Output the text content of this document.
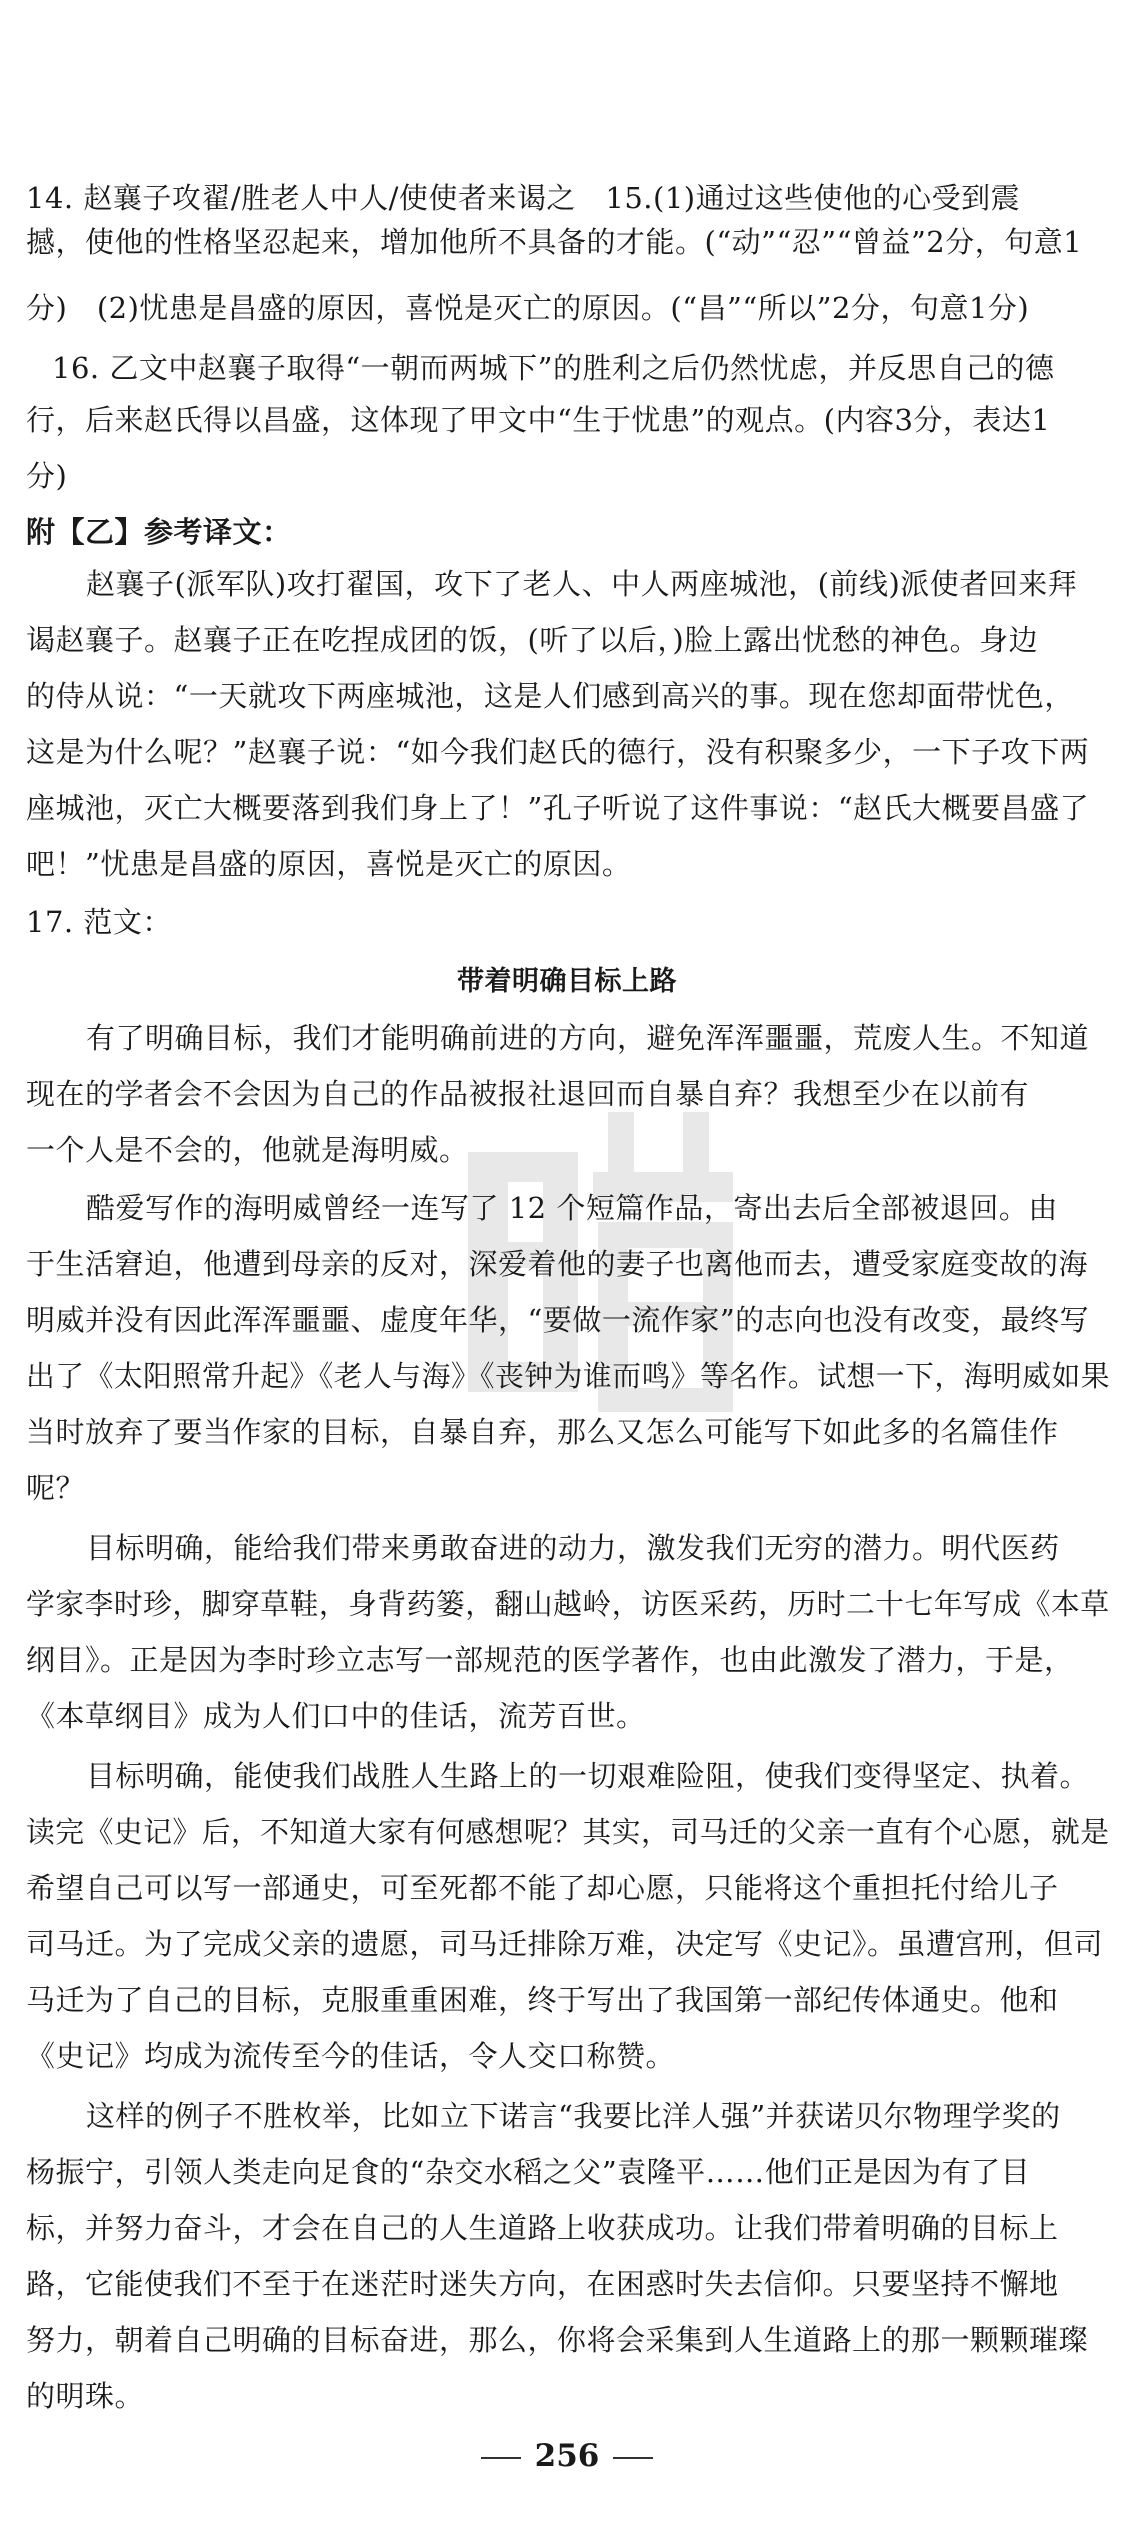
14. 赵襄子攻翟/胜老人中人/使使者来谒之　15.(1)通过这些使他的心受到震
撼，使他的性格坚忍起来，增加他所不具备的才能。(“动”“忍”“曾益”2分，句意1
分)　(2)忧患是昌盛的原因，喜悦是灭亡的原因。(“昌”“所以”2分，句意1分)
16. 乙文中赵襄子取得“一朝而两城下”的胜利之后仍然忧虑，并反思自己的德
行，后来赵氏得以昌盛，这体现了甲文中“生于忧患”的观点。(内容3分，表达1
分)
附【乙】参考译文：
赵襄子(派军队)攻打翟国，攻下了老人、中人两座城池，(前线)派使者回来拜
谒赵襄子。赵襄子正在吃捏成团的饭，(听了以后，)脸上露出忧愁的神色。身边
的侍从说：“一天就攻下两座城池，这是人们感到高兴的事。现在您却面带忧色，
这是为什么呢？”赵襄子说：“如今我们赵氏的德行，没有积聚多少，一下子攻下两
座城池，灭亡大概要落到我们身上了！”孔子听说了这件事说：“赵氏大概要昌盛了
吧！”忧患是昌盛的原因，喜悦是灭亡的原因。
17. 范文：
带着明确目标上路
有了明确目标，我们才能明确前进的方向，避免浑浑噩噩，荒废人生。不知道
现在的学者会不会因为自己的作品被报社退回而自暴自弃？我想至少在以前有
一个人是不会的，他就是海明威。
酷爱写作的海明威曾经一连写了 12 个短篇作品，寄出去后全部被退回。由
于生活窘迫，他遭到母亲的反对，深爱着他的妻子也离他而去，遭受家庭变故的海
明威并没有因此浑浑噩噩、虚度年华，“要做一流作家”的志向也没有改变，最终写
出了《太阳照常升起》《老人与海》《丧钟为谁而鸣》等名作。试想一下，海明威如果
当时放弃了要当作家的目标，自暴自弃，那么又怎么可能写下如此多的名篇佳作
呢？
目标明确，能给我们带来勇敢奋进的动力，激发我们无穷的潜力。明代医药
学家李时珍，脚穿草鞋，身背药篓，翻山越岭，访医采药，历时二十七年写成《本草
纲目》。正是因为李时珍立志写一部规范的医学著作，也由此激发了潜力，于是，
《本草纲目》成为人们口中的佳话，流芳百世。
目标明确，能使我们战胜人生路上的一切艰难险阻，使我们变得坚定、执着。
读完《史记》后，不知道大家有何感想呢？其实，司马迁的父亲一直有个心愿，就是
希望自己可以写一部通史，可至死都不能了却心愿，只能将这个重担托付给儿子
司马迁。为了完成父亲的遗愿，司马迁排除万难，决定写《史记》。虽遭宫刑，但司
马迁为了自己的目标，克服重重困难，终于写出了我国第一部纪传体通史。他和
《史记》均成为流传至今的佳话，令人交口称赞。
这样的例子不胜枚举，比如立下诺言“我要比洋人强”并获诺贝尔物理学奖的
杨振宁，引领人类走向足食的“杂交水稻之父”袁隆平……他们正是因为有了目
标，并努力奋斗，才会在自己的人生道路上收获成功。让我们带着明确的目标上
路，它能使我们不至于在迷茫时迷失方向，在困惑时失去信仰。只要坚持不懈地
努力，朝着自己明确的目标奋进，那么，你将会采集到人生道路上的那一颗颗璀璨
的明珠。
256
